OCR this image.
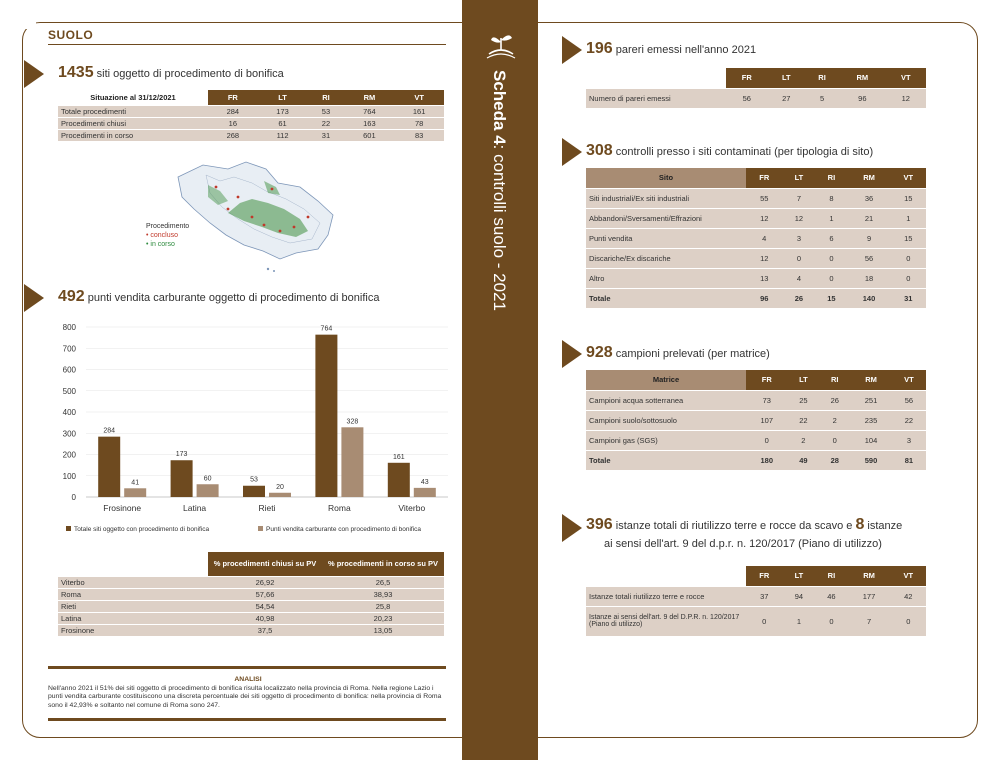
SUOLO
1435 siti oggetto di procedimento di bonifica
Situazione al 31/12/2021	FR	LT	RI	RM	VT
Totale procedimenti	284	173	53	764	161
Procedimenti chiusi	16	61	22	163	78
Procedimenti in corso	268	112	31	601	83
Procedimento
• concluso
• in corso
492 punti vendita carburante oggetto di procedimento di bonifica
0
100
200
300
400
500
600
700
800
284
41
Frosinone
173
60
Latina
53
20
Rieti
764
328
Roma
161
43
Viterbo
Totale siti oggetto con procedimento di bonifica	Punti vendita carburante con procedimento di bonifica
	% procedimenti chiusi su PV	% procedimenti in corso su PV
Viterbo	26,92	26,5
Roma	57,66	38,93
Rieti	54,54	25,8
Latina	40,98	20,23
Frosinone	37,5	13,05
ANALISI
Nell'anno 2021 il 51% dei siti oggetto di procedimento di bonifica risulta localizzato nella provincia di Roma. Nella regione Lazio i punti vendita carburante costituiscono una discreta percentuale dei siti oggetto di procedimento di bonifica: nella provincia di Roma sono il 42,93% e soltanto nel comune di Roma sono 247.
Scheda 4: controlli suolo - 2021
196 pareri emessi nell'anno 2021
	FR	LT	RI	RM	VT
Numero di pareri emessi	56	27	5	96	12
308 controlli presso i siti contaminati (per tipologia di sito)
Sito	FR	LT	RI	RM	VT
Siti industriali/Ex siti industriali	55	7	8	36	15
Abbandoni/Sversamenti/Effrazioni	12	12	1	21	1
Punti vendita	4	3	6	9	15
Discariche/Ex discariche	12	0	0	56	0
Altro	13	4	0	18	0
Totale	96	26	15	140	31
928 campioni prelevati (per matrice)
Matrice	FR	LT	RI	RM	VT
Campioni acqua sotterranea	73	25	26	251	56
Campioni suolo/sottosuolo	107	22	2	235	22
Campioni gas (SGS)	0	2	0	104	3
Totale	180	49	28	590	81
396 istanze totali di riutilizzo terre e rocce da scavo e 8 istanze
ai sensi dell'art. 9 del d.p.r. n. 120/2017 (Piano di utilizzo)
	FR	LT	RI	RM	VT
Istanze totali riutilizzo terre e rocce	37	94	46	177	42
Istanze ai sensi dell'art. 9 del D.P.R. n. 120/2017 (Piano di utilizzo)	0	1	0	7	0
